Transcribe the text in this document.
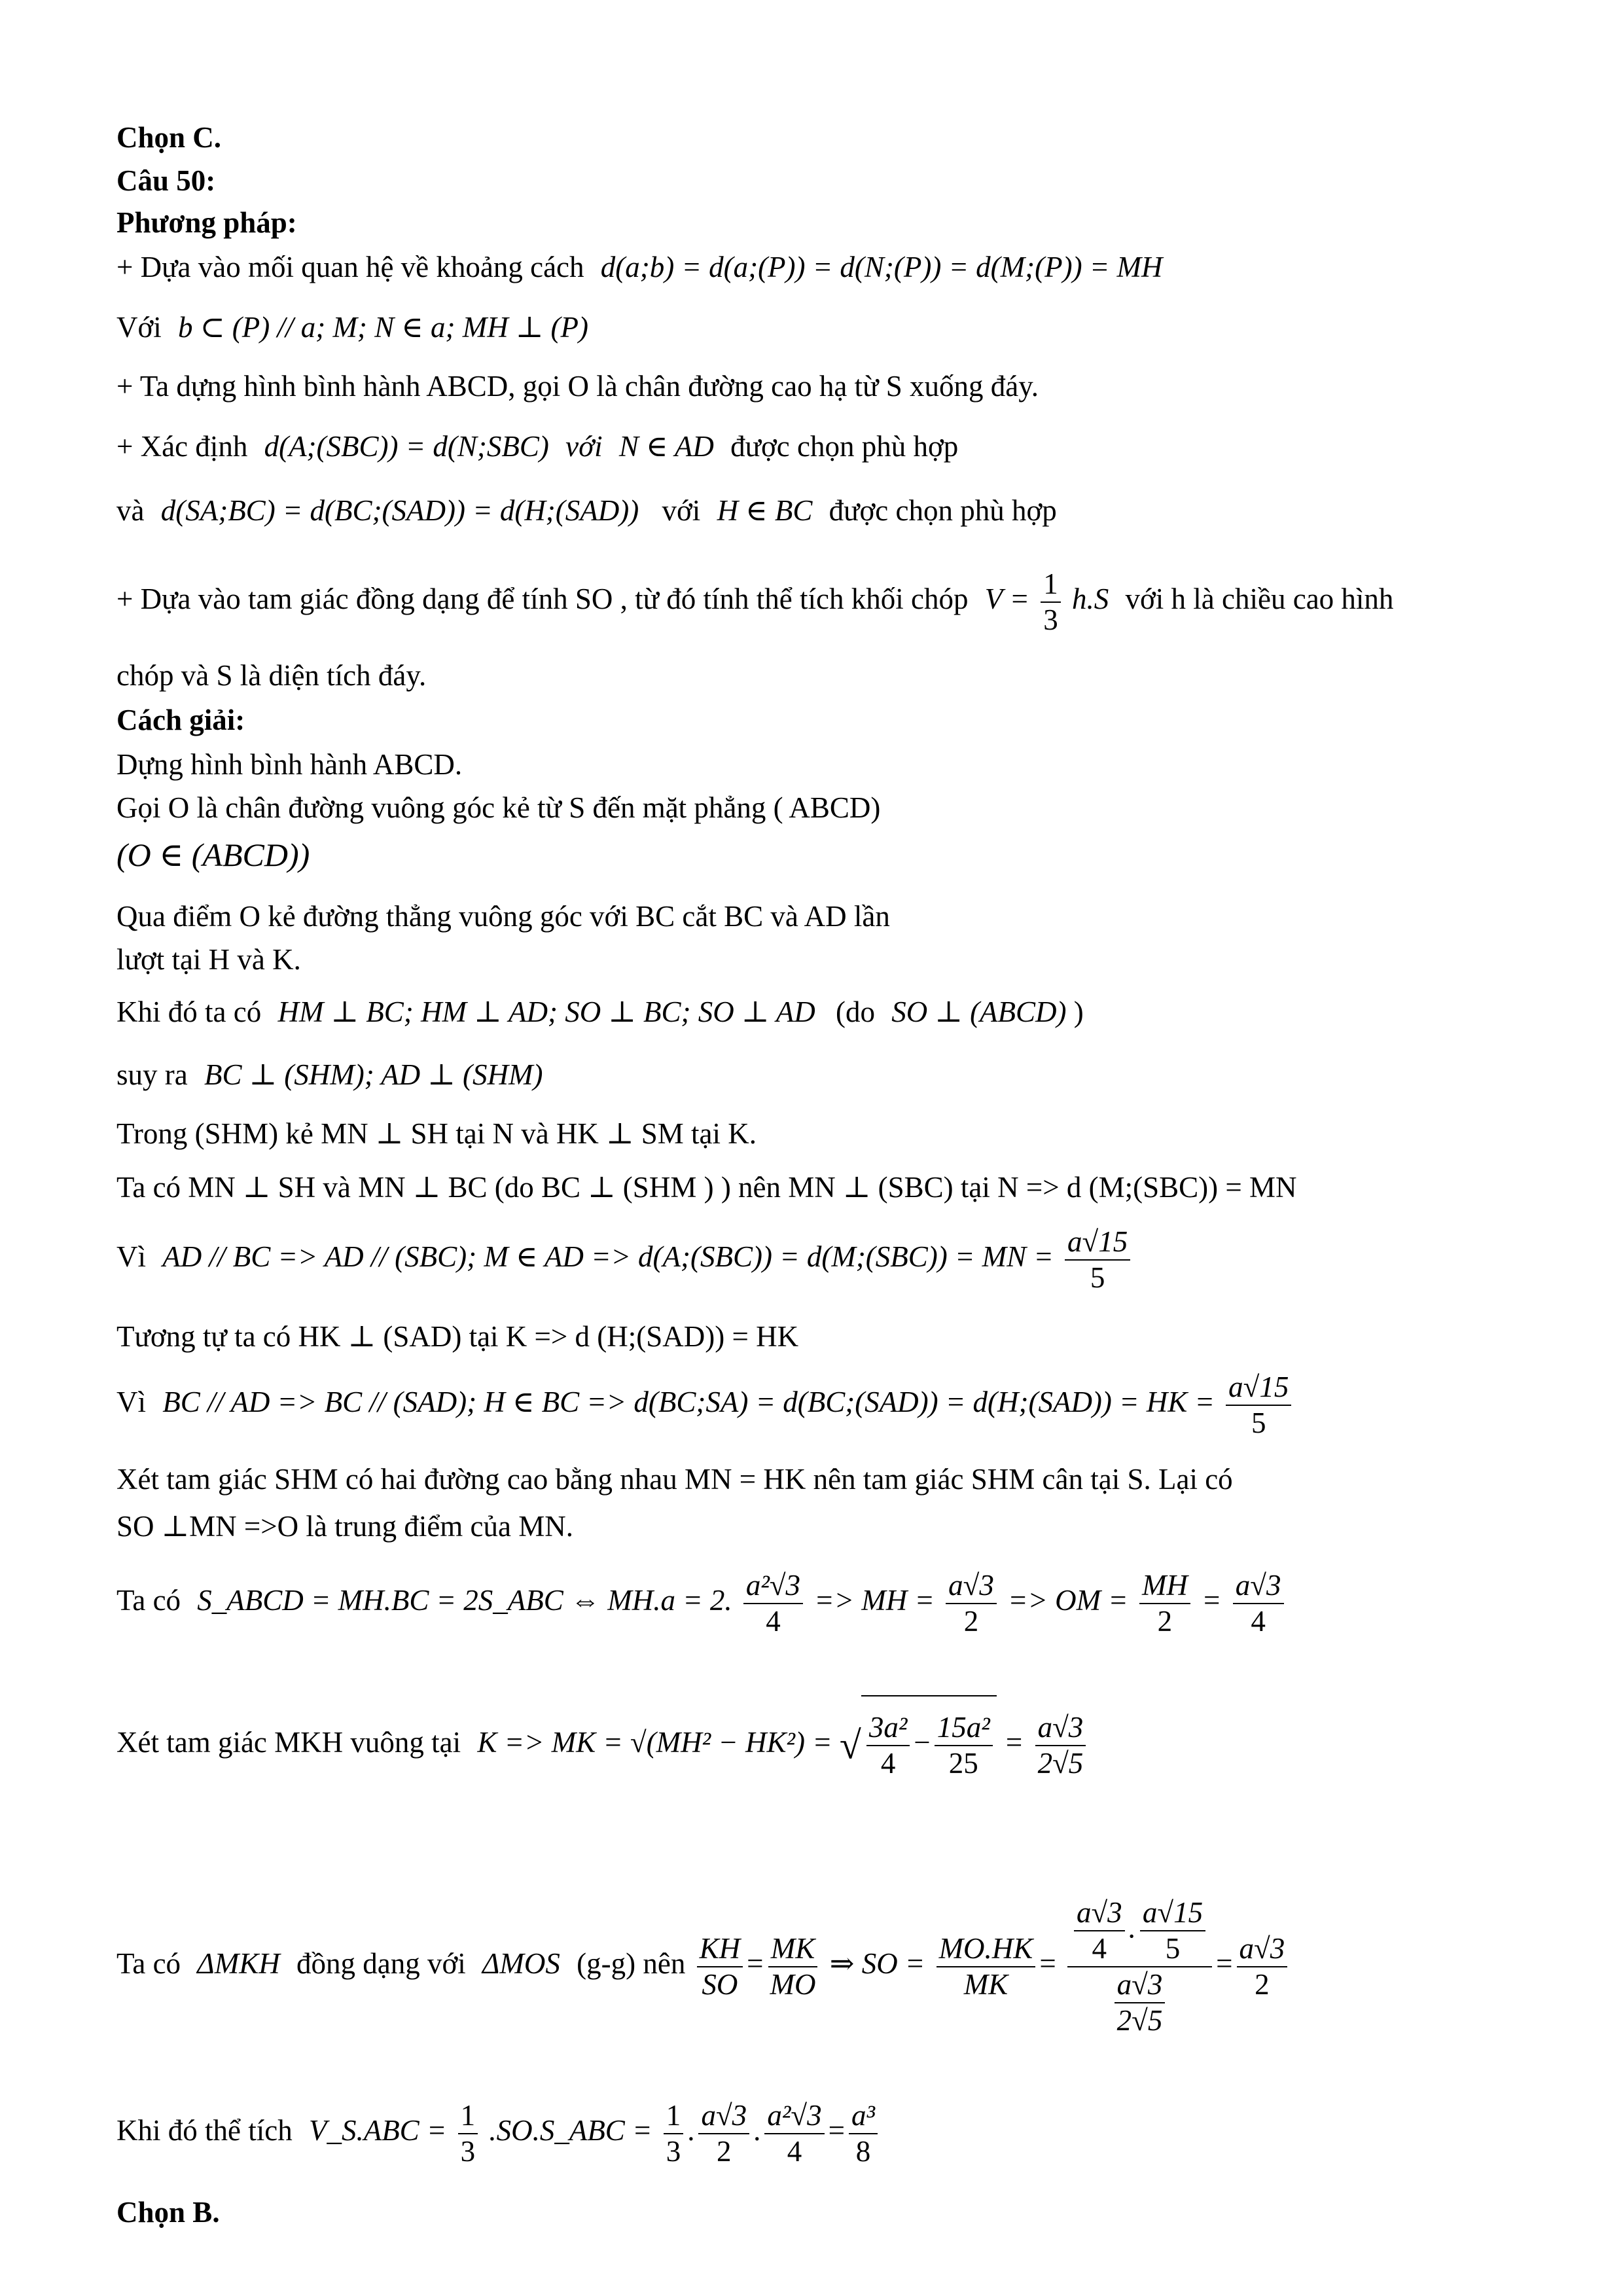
Chọn C.
Câu 50:
Phương pháp:
+ Dựa vào mối quan hệ về khoảng cách d(a;b) = d(a;(P)) = d(N;(P)) = d(M;(P)) = MH
Với b ⊂ (P) // a; M; N ∈ a; MH ⊥ (P)
+ Ta dựng hình bình hành ABCD, gọi O là chân đường cao hạ từ S xuống đáy.
+ Xác định d(A;(SBC)) = d(N;SBC) với N ∈ AD được chọn phù hợp
và d(SA;BC) = d(BC;(SAD)) = d(H;(SAD)) với H ∈ BC được chọn phù hợp
+ Dựa vào tam giác đồng dạng để tính SO , từ đó tính thể tích khối chóp $V = \frac{1}{3} h.S$ với h là chiều cao hình
chóp và S là diện tích đáy.
Cách giải:
Dựng hình bình hành ABCD.
Gọi O là chân đường vuông góc kẻ từ S đến mặt phẳng ( ABCD)
(O ∈ (ABCD))
Qua điểm O kẻ đường thẳng vuông góc với BC cắt BC và AD lần
lượt tại H và K.
Khi đó ta có HM ⊥ BC; HM ⊥ AD; SO ⊥ BC; SO ⊥ AD (do SO ⊥ (ABCD) )
suy ra BC ⊥ (SHM); AD ⊥ (SHM)
Trong (SHM) kẻ MN ⊥ SH tại N và HK ⊥ SM tại K.
Ta có MN ⊥ SH và MN ⊥ BC (do BC ⊥ (SHM ) ) nên MN ⊥ (SBC) tại N => d (M;(SBC)) = MN
Vì AD // BC => AD // (SBC); M ∈ AD => d(A;(SBC)) = d(M;(SBC)) = MN = $\frac{a√15}{5}$
Tương tự ta có HK ⊥ (SAD) tại K => d (H;(SAD)) = HK
Vì BC // AD => BC // (SAD); H ∈ BC => d(BC;SA) = d(BC;(SAD)) = d(H;(SAD)) = HK = $\frac{a√15}{5}$
Xét tam giác SHM có hai đường cao bằng nhau MN = HK nên tam giác SHM cân tại S. Lại có
SO ⊥MN =>O là trung điểm của MN.
Ta có S_ABCD = MH.BC = 2S_ABC ⇔ MH.a = 2. $\frac{\text{a²√3}}{4}$ => MH = $\frac{a√3}{2}$ => OM = $\frac{MH}{2} = \frac{a√3}{4}$
Xét tam giác MKH vuông tại K => MK = √(MH² − HK²) = √ $\frac{\text{3a²}}{4} - \frac{\text{15a²}}{25} = \frac{a√3}{2√5}$
Ta có ΔMKH đồng dạng với ΔMOS (g-g) nên $\frac{KH}{SO} = \frac{MK}{MO}$ ⇒ SO = $\frac{MO.HK}{MK} = \frac{\frac{a√3}{4} . \frac{a√15}{5}}{\frac{a√3}{2√5}} = \frac{a√3}{2}$
Khi đó thể tích V_S.ABC = $\frac{1}{3}$ .SO.S_ABC = $\frac{1}{3}$ . $\frac{a√3}{2}$ . $\frac{\text{a²√3}}{4} = \frac{\text{a³}}{8}$
Chọn B.
